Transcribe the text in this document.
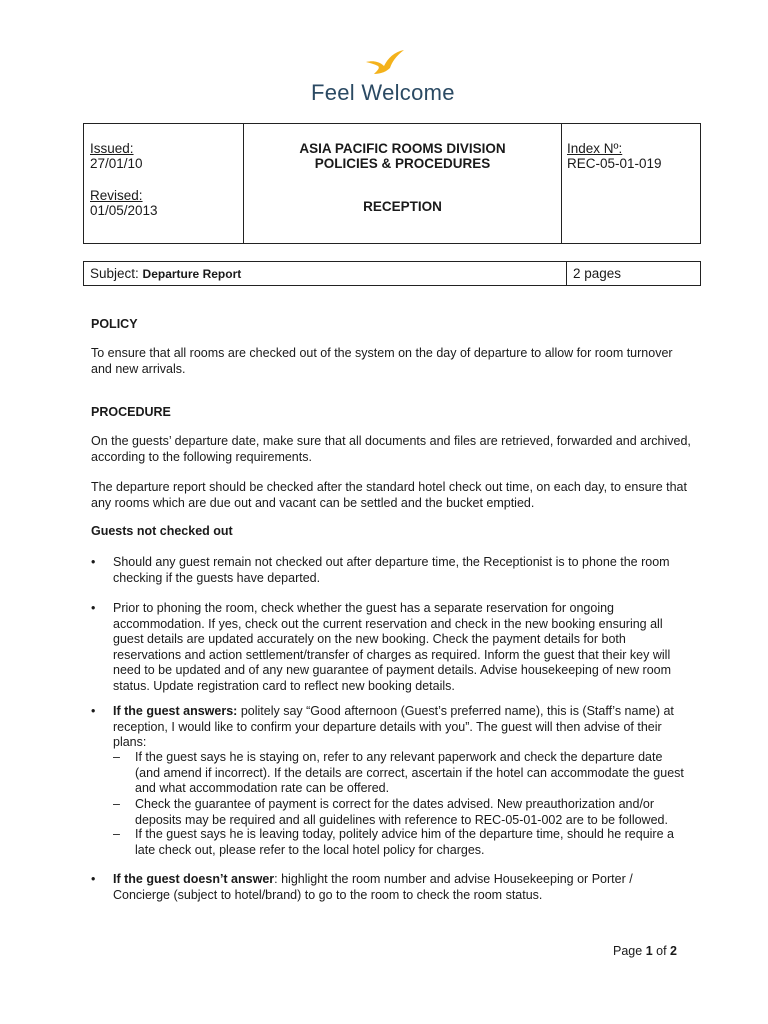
Feel Welcome
Issued:
27/01/10
Revised:
01/05/2013

ASIA PACIFIC ROOMS DIVISION
POLICIES & PROCEDURES
RECEPTION

Index Nº:
REC-05-01-019
Subject: Departure Report	2 pages
POLICY
To ensure that all rooms are checked out of the system on the day of departure to allow for room turnover and new arrivals.
PROCEDURE
On the guests’ departure date, make sure that all documents and files are retrieved, forwarded and archived, according to the following requirements.
The departure report should be checked after the standard hotel check out time, on each day, to ensure that any rooms which are due out and vacant can be settled and the bucket emptied.
Guests not checked out
• Should any guest remain not checked out after departure time, the Receptionist is to phone the room checking if the guests have departed.
• Prior to phoning the room, check whether the guest has a separate reservation for ongoing accommodation. If yes, check out the current reservation and check in the new booking ensuring all guest details are updated accurately on the new booking. Check the payment details for both reservations and action settlement/transfer of charges as required. Inform the guest that their key will need to be updated and of any new guarantee of payment details. Advise housekeeping of new room status. Update registration card to reflect new booking details.
• If the guest answers: politely say “Good afternoon (Guest’s preferred name), this is (Staff’s name) at reception, I would like to confirm your departure details with you”. The guest will then advise of their plans:
– If the guest says he is staying on, refer to any relevant paperwork and check the departure date (and amend if incorrect). If the details are correct, ascertain if the hotel can accommodate the guest and what accommodation rate can be offered.
– Check the guarantee of payment is correct for the dates advised. New preauthorization and/or deposits may be required and all guidelines with reference to REC-05-01-002 are to be followed.
– If the guest says he is leaving today, politely advice him of the departure time, should he require a late check out, please refer to the local hotel policy for charges.
• If the guest doesn’t answer: highlight the room number and advise Housekeeping or Porter / Concierge (subject to hotel/brand) to go to the room to check the room status.
Page 1 of 2
